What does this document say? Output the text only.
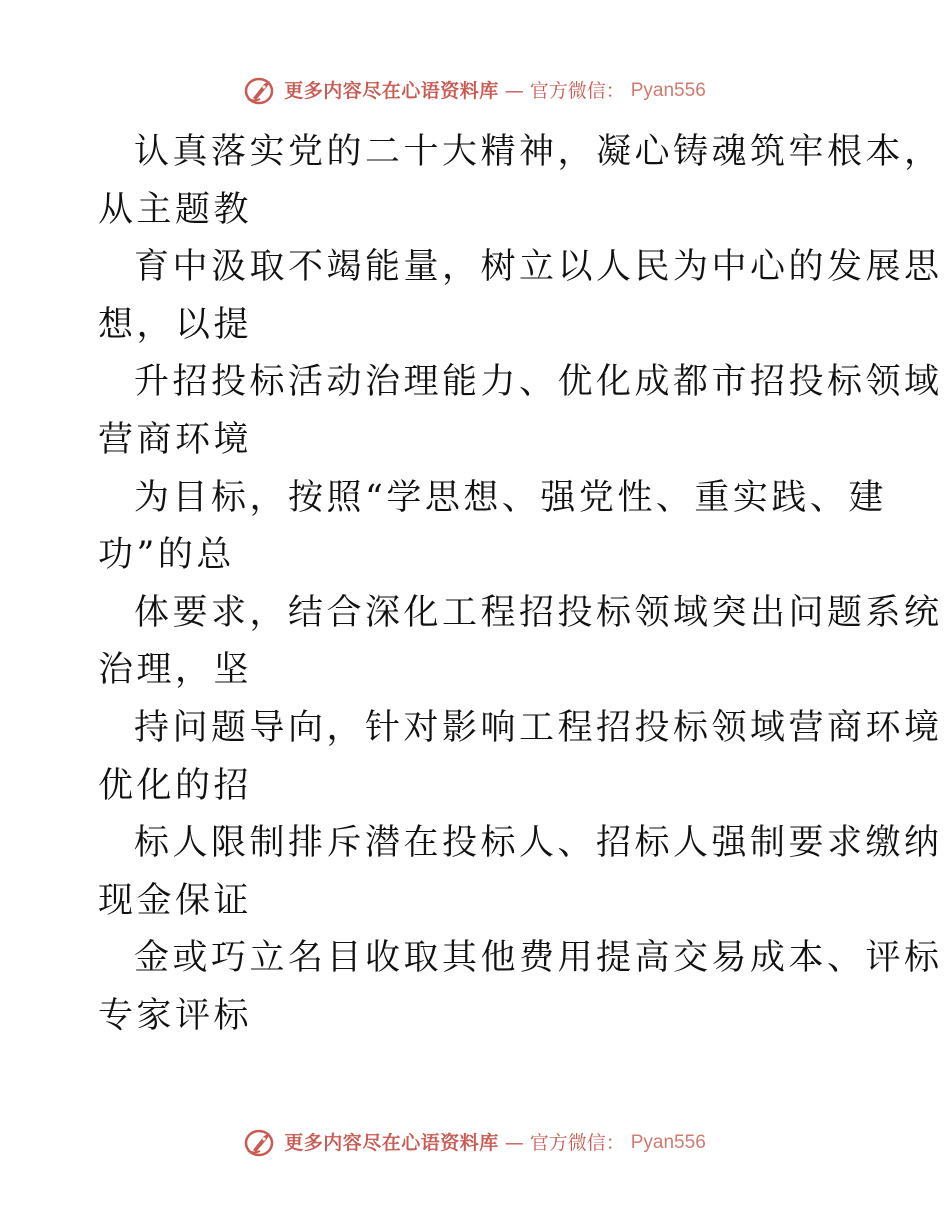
更多内容尽在心语资料库 — 官方微信： Pyan556
认真落实党的二十大精神，凝心铸魂筑牢根本，
从主题教
育中汲取不竭能量，树立以人民为中心的发展思
想，以提
升招投标活动治理能力、优化成都市招投标领域
营商环境
为目标，按照“学思想、强党性、重实践、建
功”的总
体要求，结合深化工程招投标领域突出问题系统
治理，坚
持问题导向，针对影响工程招投标领域营商环境
优化的招
标人限制排斥潜在投标人、招标人强制要求缴纳
现金保证
金或巧立名目收取其他费用提高交易成本、评标
专家评标
更多内容尽在心语资料库 — 官方微信： Pyan556
